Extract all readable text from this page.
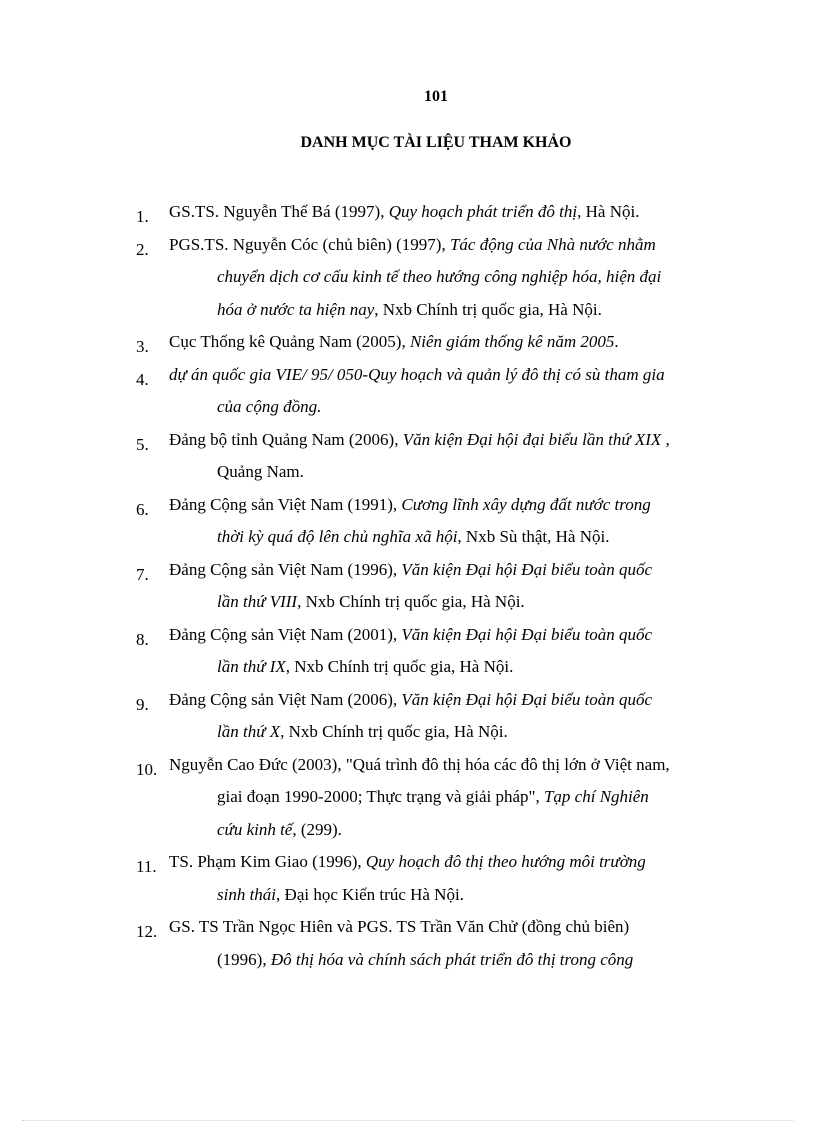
101
DANH MỤC TÀI LIỆU THAM KHẢO
1. GS.TS. Nguyễn Thế Bá (1997), Quy hoạch phát triển đô thị, Hà Nội.
2. PGS.TS. Nguyễn Cóc (chủ biên) (1997), Tác động của Nhà nước nhằm
chuyển dịch cơ cấu kinh tế theo hướng công nghiệp hóa, hiện đại
hóa ở nước ta hiện nay, Nxb Chính trị quốc gia, Hà Nội.
3. Cục Thống kê Quảng Nam (2005), Niên giám thống kê năm 2005.
4. dự án quốc gia VIE/ 95/ 050-Quy hoạch và quản lý đô thị có sù tham gia
của cộng đồng.
5. Đảng bộ tỉnh Quảng Nam (2006), Văn kiện Đại hội đại biểu lần thứ XIX ,
Quảng Nam.
6. Đảng Cộng sản Việt Nam (1991), Cương lĩnh xây dựng đất nước trong
thời kỳ quá độ lên chủ nghĩa xã hội, Nxb Sù thật, Hà Nội.
7. Đảng Cộng sản Việt Nam (1996), Văn kiện Đại hội Đại biểu toàn quốc
lần thứ VIII, Nxb Chính trị quốc gia, Hà Nội.
8. Đảng Cộng sản Việt Nam (2001), Văn kiện Đại hội Đại biểu toàn quốc
lần thứ IX, Nxb Chính trị quốc gia, Hà Nội.
9. Đảng Cộng sản Việt Nam (2006), Văn kiện Đại hội Đại biểu toàn quốc
lần thứ X, Nxb Chính trị quốc gia, Hà Nội.
10. Nguyễn Cao Đức (2003), "Quá trình đô thị hóa các đô thị lớn ở Việt nam,
giai đoạn 1990-2000; Thực trạng và giải pháp", Tạp chí Nghiên
cứu kinh tế, (299).
11. TS. Phạm Kim Giao (1996), Quy hoạch đô thị theo hướng môi trường
sinh thái, Đại học Kiến trúc Hà Nội.
12. GS. TS Trần Ngọc Hiên và PGS. TS Trần Văn Chử (đồng chủ biên)
(1996), Đô thị hóa và chính sách phát triển đô thị trong công
